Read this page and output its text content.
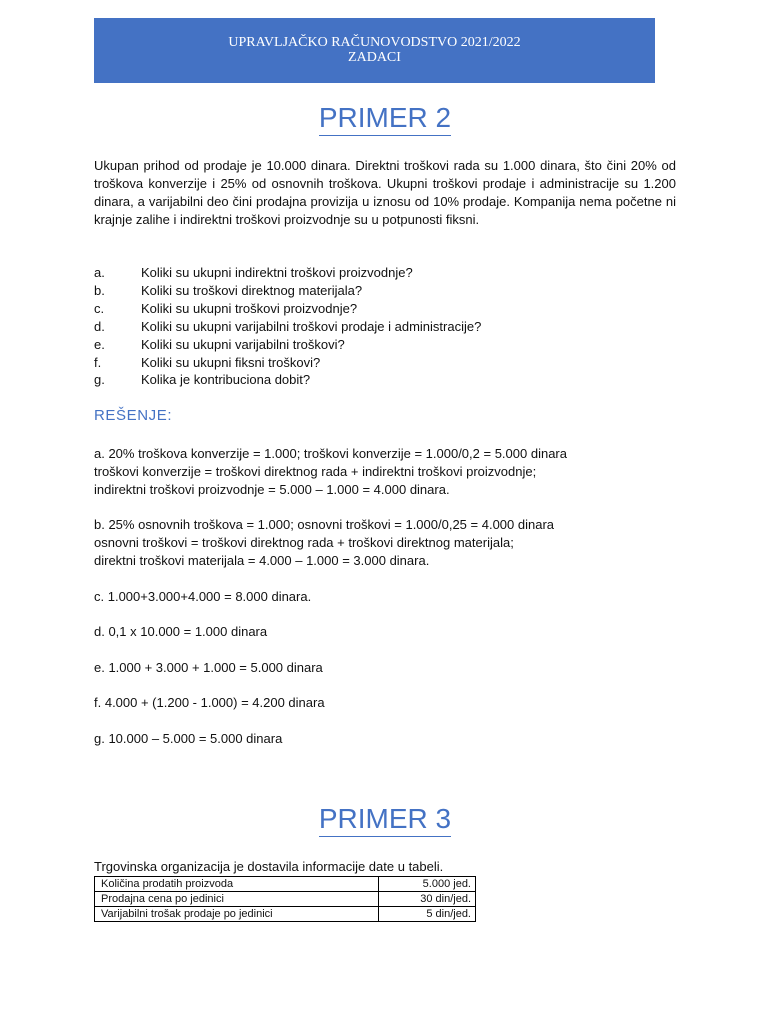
UPRAVLJAČKO RAČUNOVODSTVO 2021/2022
ZADACI
PRIMER 2

Ukupan prihod od prodaje je 10.000 dinara. Direktni troškovi rada su 1.000 dinara, što čini 20% od troškova konverzije i 25% od osnovnih troškova. Ukupni troškovi prodaje i administracije su 1.200 dinara, a varijabilni deo čini prodajna provizija u iznosu od 10% prodaje. Kompanija nema početne ni krajnje zalihe i indirektni troškovi proizvodnje su u potpunosti fiksni.

a.	Koliki su ukupni indirektni troškovi proizvodnje?
b.	Koliki su troškovi direktnog materijala?
c.	Koliki su ukupni troškovi proizvodnje?
d.	Koliki su ukupni varijabilni troškovi prodaje i administracije?
e.	Koliki su ukupni varijabilni troškovi?
f.	Koliki su ukupni fiksni troškovi?
g.	Kolika je kontribuciona dobit?
REŠENJE:

a. 20% troškova konverzije = 1.000; troškovi konverzije = 1.000/0,2 = 5.000 dinara
troškovi konverzije = troškovi direktnog rada + indirektni troškovi proizvodnje;
indirektni troškovi proizvodnje = 5.000 – 1.000 = 4.000 dinara.

b. 25% osnovnih troškova = 1.000; osnovni troškovi = 1.000/0,25 = 4.000 dinara
osnovni troškovi = troškovi direktnog rada + troškovi direktnog materijala;
direktni troškovi materijala = 4.000 – 1.000 = 3.000 dinara.

c. 1.000+3.000+4.000 = 8.000 dinara.

d. 0,1 x 10.000 = 1.000 dinara

e. 1.000 + 3.000 + 1.000 = 5.000 dinara

f. 4.000 + (1.200 - 1.000) = 4.200 dinara

g. 10.000 – 5.000 = 5.000 dinara

PRIMER 3

Trgovinska organizacija je dostavila informacije date u tabeli.

Količina prodatih proizvoda	5.000 jed.
Prodajna cena po jedinici	30 din/jed.
Varijabilni trošak prodaje po jedinici	5 din/jed.
